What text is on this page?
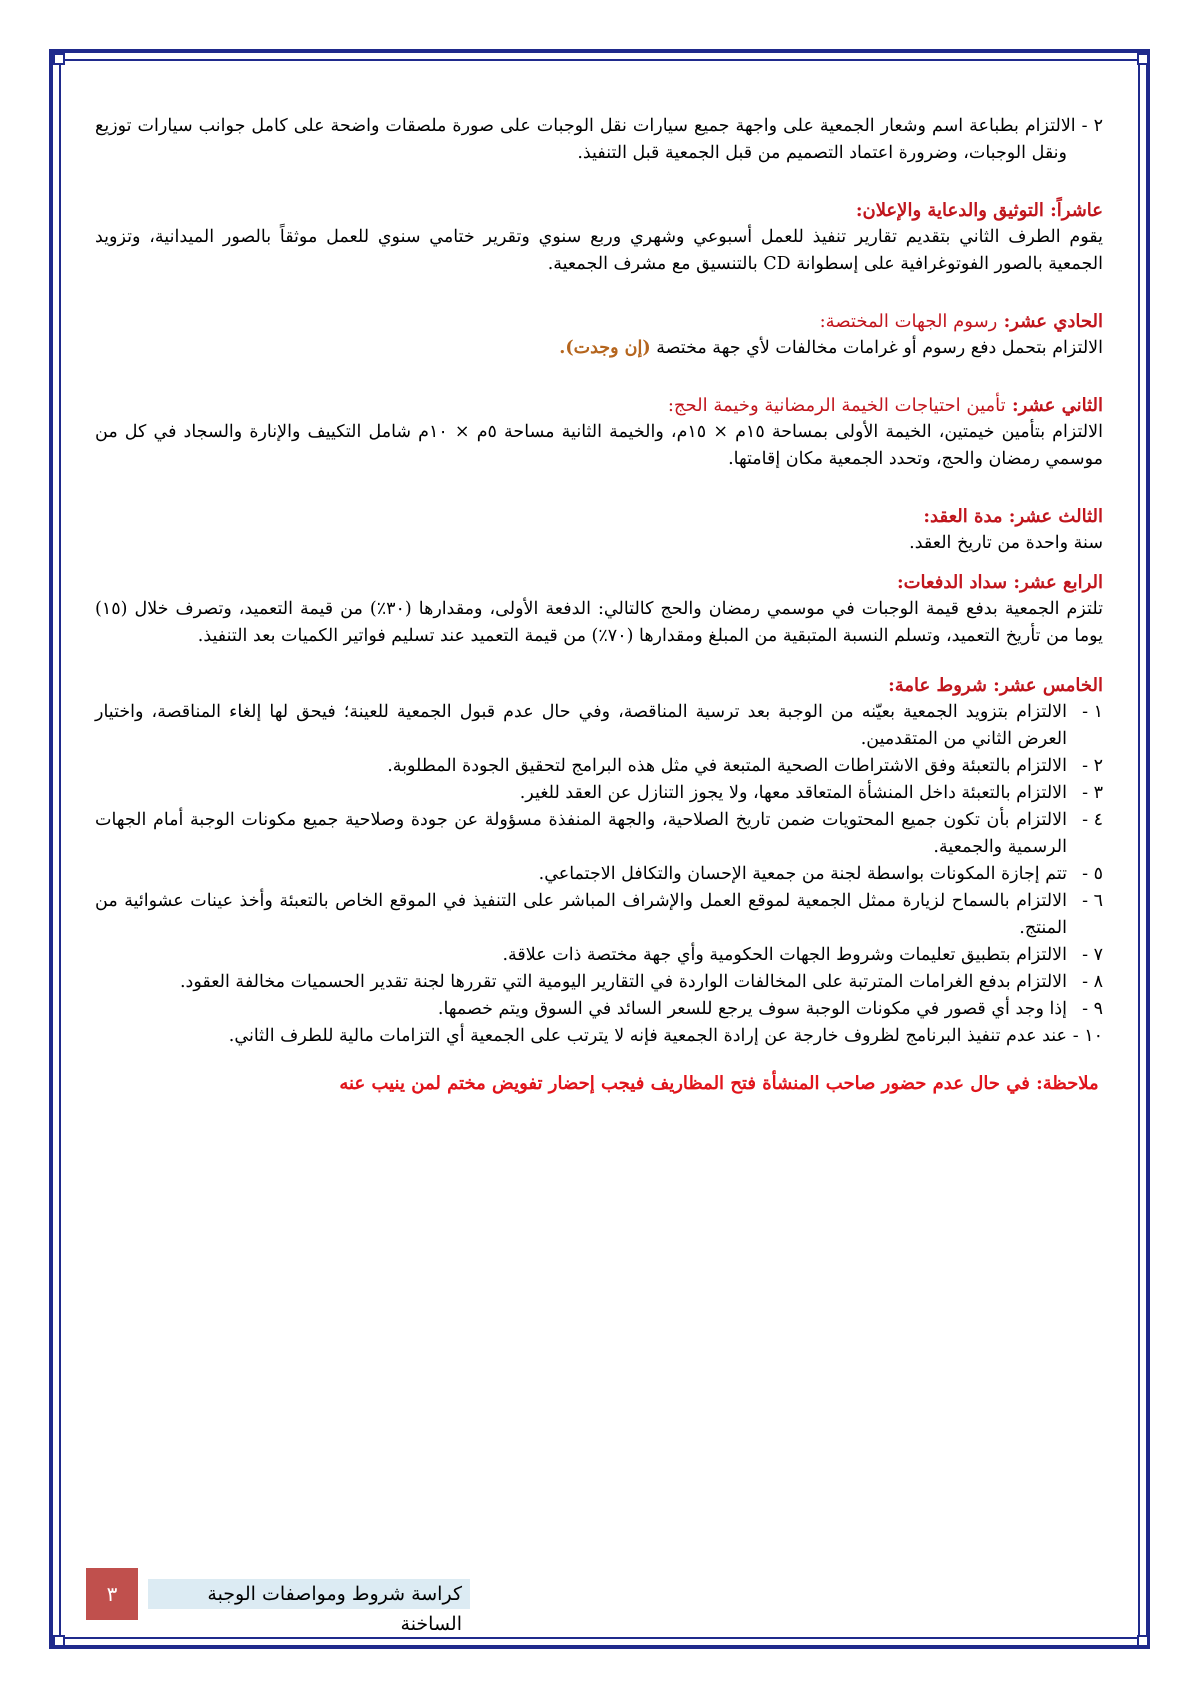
٢ - الالتزام بطباعة اسم وشعار الجمعية على واجهة جميع سيارات نقل الوجبات على صورة ملصقات واضحة على كامل جوانب سيارات توزيع ونقل الوجبات، وضرورة اعتماد التصميم من قبل الجمعية قبل التنفيذ.

عاشراً: التوثيق والدعاية والإعلان:

يقوم الطرف الثاني بتقديم تقارير تنفيذ للعمل أسبوعي وشهري وربع سنوي وتقرير ختامي سنوي للعمل موثقاً بالصور الميدانية، وتزويد الجمعية بالصور الفوتوغرافية على إسطوانة CD بالتنسيق مع مشرف الجمعية.

الحادي عشر: رسوم الجهات المختصة:

الالتزام بتحمل دفع رسوم أو غرامات مخالفات لأي جهة مختصة (إن وجدت).

الثاني عشر: تأمين احتياجات الخيمة الرمضانية وخيمة الحج:

الالتزام بتأمين خيمتين، الخيمة الأولى بمساحة ١٥م × ١٥م، والخيمة الثانية مساحة ٥م × ١٠م شامل التكييف والإنارة والسجاد في كل من موسمي رمضان والحج، وتحدد الجمعية مكان إقامتها.

الثالث عشر: مدة العقد:

سنة واحدة من تاريخ العقد.

الرابع عشر: سداد الدفعات:

تلتزم الجمعية بدفع قيمة الوجبات في موسمي رمضان والحج كالتالي: الدفعة الأولى، ومقدارها (٣٠٪) من قيمة التعميد، وتصرف خلال (١٥) يوما من تأريخ التعميد، وتسلم النسبة المتبقية من المبلغ ومقدارها (٧٠٪) من قيمة التعميد عند تسليم فواتير الكميات بعد التنفيذ.

الخامس عشر: شروط عامة:

١ -
الالتزام بتزويد الجمعية بعيّنه من الوجبة بعد ترسية المناقصة، وفي حال عدم قبول الجمعية للعينة؛ فيحق لها إلغاء المناقصة، واختيار العرض الثاني من المتقدمين.
٢ -
الالتزام بالتعبئة وفق الاشتراطات الصحية المتبعة في مثل هذه البرامج لتحقيق الجودة المطلوبة.
٣ -
الالتزام بالتعبئة داخل المنشأة المتعاقد معها، ولا يجوز التنازل عن العقد للغير.
٤ -
الالتزام بأن تكون جميع المحتويات ضمن تاريخ الصلاحية، والجهة المنفذة مسؤولة عن جودة وصلاحية جميع مكونات الوجبة أمام الجهات الرسمية والجمعية.
٥ -
تتم إجازة المكونات بواسطة لجنة من جمعية الإحسان والتكافل الاجتماعي.
٦ -
الالتزام بالسماح لزيارة ممثل الجمعية لموقع العمل والإشراف المباشر على التنفيذ في الموقع الخاص بالتعبئة وأخذ عينات عشوائية من المنتج.
٧ -
الالتزام بتطبيق تعليمات وشروط الجهات الحكومية وأي جهة مختصة ذات علاقة.
٨ -
الالتزام بدفع الغرامات المترتبة على المخالفات الواردة في التقارير اليومية التي تقررها لجنة تقدير الحسميات مخالفة العقود.
٩ -
إذا وجد أي قصور في مكونات الوجبة سوف يرجع للسعر السائد في السوق ويتم خصمها.
١٠ -
عند عدم تنفيذ البرنامج لظروف خارجة عن إرادة الجمعية فإنه لا يترتب على الجمعية أي التزامات مالية للطرف الثاني.

ملاحظة: في حال عدم حضور صاحب المنشأة فتح المظاريف فيجب إحضار تفويض مختم لمن ينيب عنه

كراسة شروط ومواصفات الوجبة الساخنة
٣
